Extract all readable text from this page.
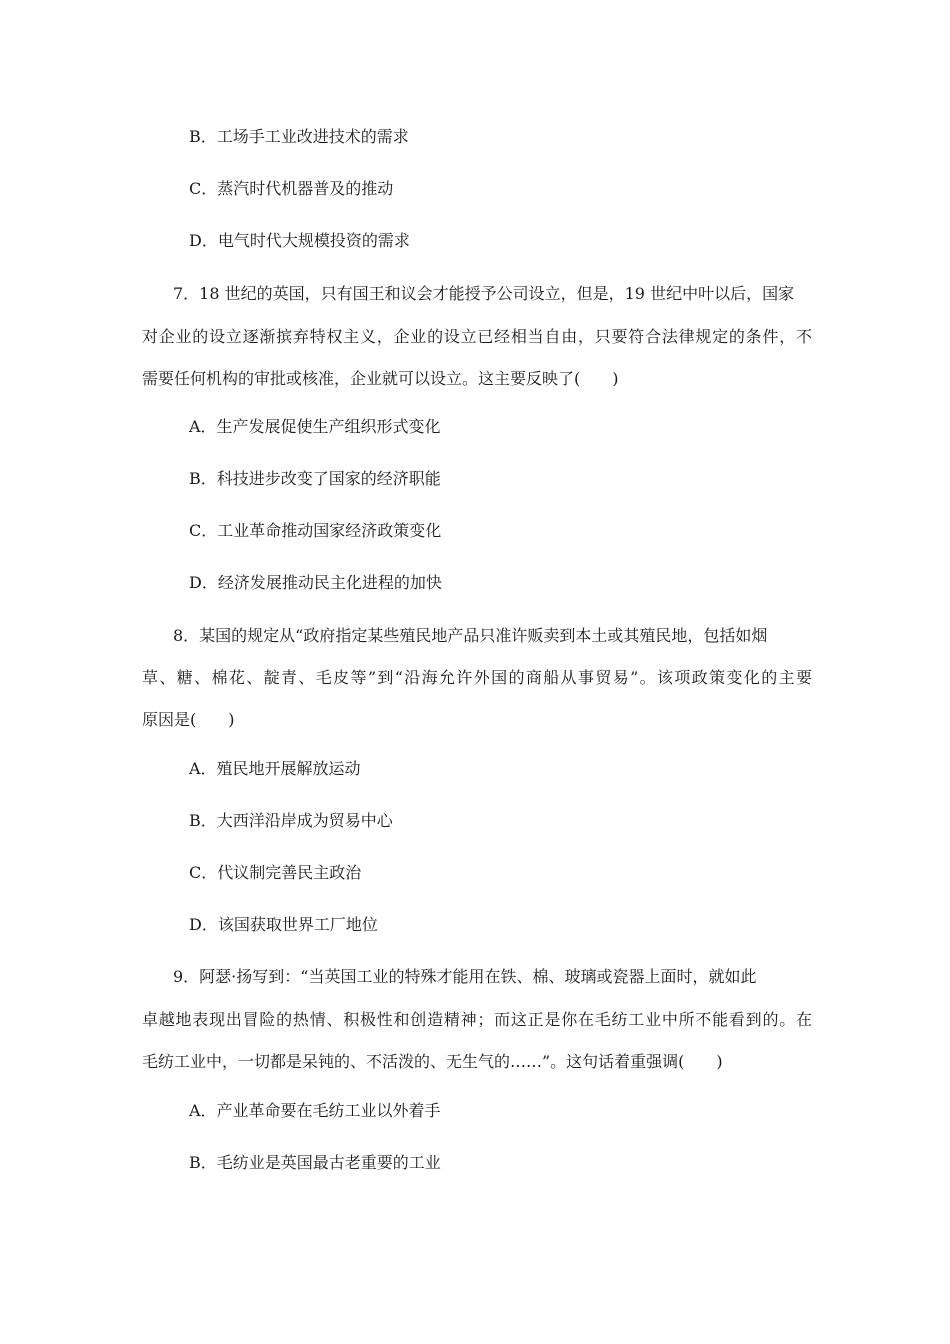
B．工场手工业改进技术的需求
C．蒸汽时代机器普及的推动
D．电气时代大规模投资的需求
7．18 世纪的英国，只有国王和议会才能授予公司设立，但是，19 世纪中叶以后，国家
对企业的设立逐渐摈弃特权主义，企业的设立已经相当自由，只要符合法律规定的条件，不
需要任何机构的审批或核准，企业就可以设立。这主要反映了(　　)
A．生产发展促使生产组织形式变化
B．科技进步改变了国家的经济职能
C．工业革命推动国家经济政策变化
D．经济发展推动民主化进程的加快
8．某国的规定从“政府指定某些殖民地产品只准许贩卖到本土或其殖民地，包括如烟
草、糖、棉花、靛青、毛皮等”到“沿海允许外国的商船从事贸易”。该项政策变化的主要
原因是(　　)
A．殖民地开展解放运动
B．大西洋沿岸成为贸易中心
C．代议制完善民主政治
D．该国获取世界工厂地位
9．阿瑟·扬写到：“当英国工业的特殊才能用在铁、棉、玻璃或瓷器上面时，就如此
卓越地表现出冒险的热情、积极性和创造精神；而这正是你在毛纺工业中所不能看到的。在
毛纺工业中，一切都是呆钝的、不活泼的、无生气的……”。这句话着重强调(　　)
A．产业革命要在毛纺工业以外着手
B．毛纺业是英国最古老重要的工业
